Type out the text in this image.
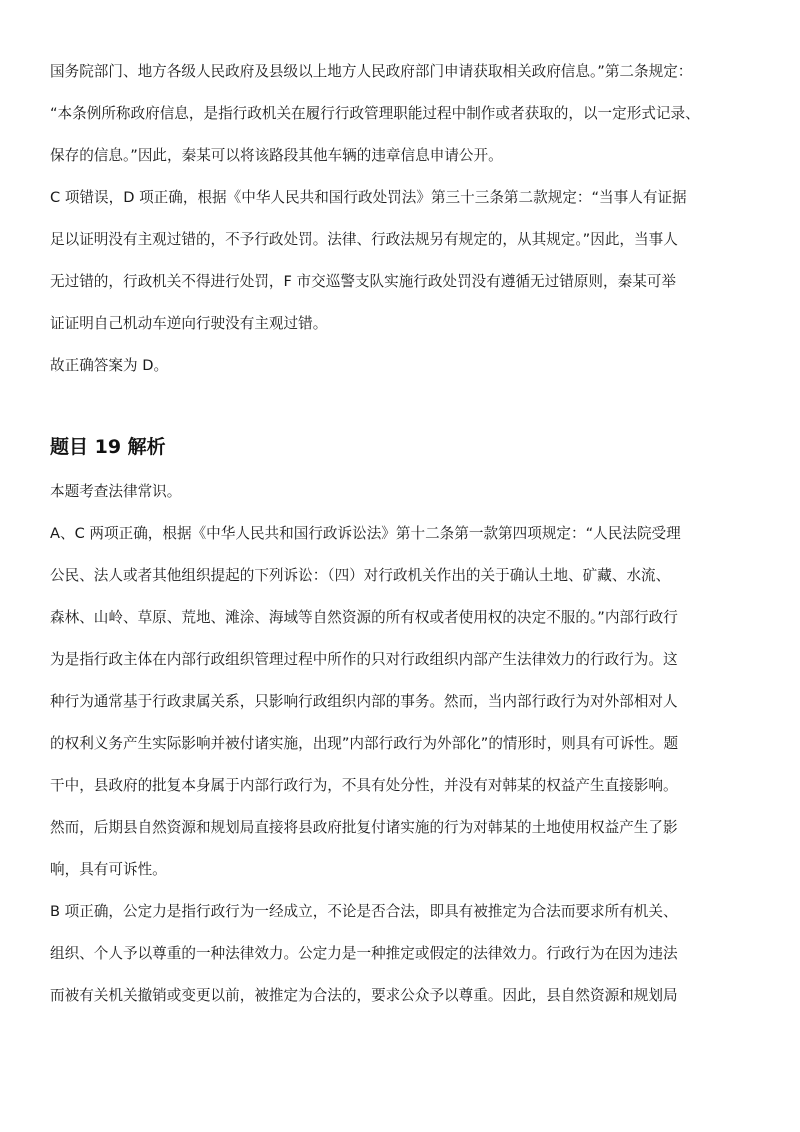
国务院部门、地方各级人民政府及县级以上地方人民政府部门申请获取相关政府信息。”第二条规定：
“本条例所称政府信息，是指行政机关在履行行政管理职能过程中制作或者获取的，以一定形式记录、
保存的信息。”因此，秦某可以将该路段其他车辆的违章信息申请公开。
C 项错误，D 项正确，根据《中华人民共和国行政处罚法》第三十三条第二款规定：“当事人有证据
足以证明没有主观过错的，不予行政处罚。法律、行政法规另有规定的，从其规定。”因此，当事人
无过错的，行政机关不得进行处罚，F 市交巡警支队实施行政处罚没有遵循无过错原则，秦某可举
证证明自己机动车逆向行驶没有主观过错。
故正确答案为 D。
题目 19 解析
本题考查法律常识。
A、C 两项正确，根据《中华人民共和国行政诉讼法》第十二条第一款第四项规定：“人民法院受理
公民、法人或者其他组织提起的下列诉讼：（四）对行政机关作出的关于确认土地、矿藏、水流、
森林、山岭、草原、荒地、滩涂、海域等自然资源的所有权或者使用权的决定不服的。”内部行政行
为是指行政主体在内部行政组织管理过程中所作的只对行政组织内部产生法律效力的行政行为。这
种行为通常基于行政隶属关系，只影响行政组织内部的事务。然而，当内部行政行为对外部相对人
的权利义务产生实际影响并被付诸实施，出现”内部行政行为外部化”的情形时，则具有可诉性。题
干中，县政府的批复本身属于内部行政行为，不具有处分性，并没有对韩某的权益产生直接影响。
然而，后期县自然资源和规划局直接将县政府批复付诸实施的行为对韩某的土地使用权益产生了影
响，具有可诉性。
B 项正确，公定力是指行政行为一经成立，不论是否合法，即具有被推定为合法而要求所有机关、
组织、个人予以尊重的一种法律效力。公定力是一种推定或假定的法律效力。行政行为在因为违法
而被有关机关撤销或变更以前，被推定为合法的，要求公众予以尊重。因此，县自然资源和规划局
